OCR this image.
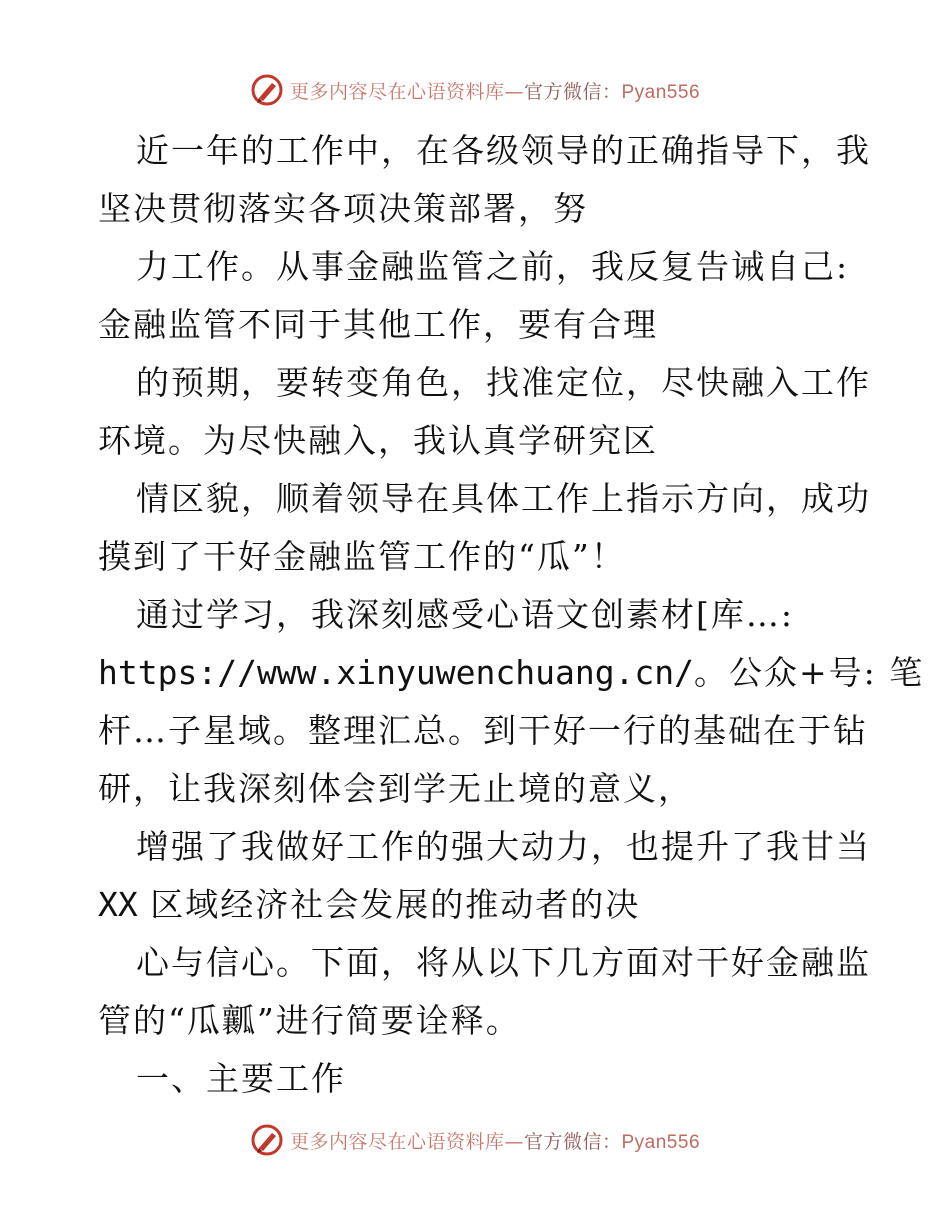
更多内容尽在心语资料库—官方微信：Pyan556

近一年的工作中，在各级领导的正确指导下，我
坚决贯彻落实各项决策部署，努

力工作。从事金融监管之前，我反复告诫自己:
金融监管不同于其他工作，要有合理

的预期，要转变角色，找准定位，尽快融入工作
环境。为尽快融入，我认真学研究区

情区貌，顺着领导在具体工作上指示方向，成功
摸到了干好金融监管工作的“瓜”！

通过学习，我深刻感受心语文创素材[库…:
https://www.xinyuwenchuang.cn/。公众+号: 笔
杆…子星域。整理汇总。到干好一行的基础在于钻
研，让我深刻体会到学无止境的意义，

增强了我做好工作的强大动力，也提升了我甘当
XX 区域经济社会发展的推动者的决

心与信心。下面，将从以下几方面对干好金融监
管的“瓜瓤”进行简要诠释。

一、主要工作

更多内容尽在心语资料库—官方微信：Pyan556
